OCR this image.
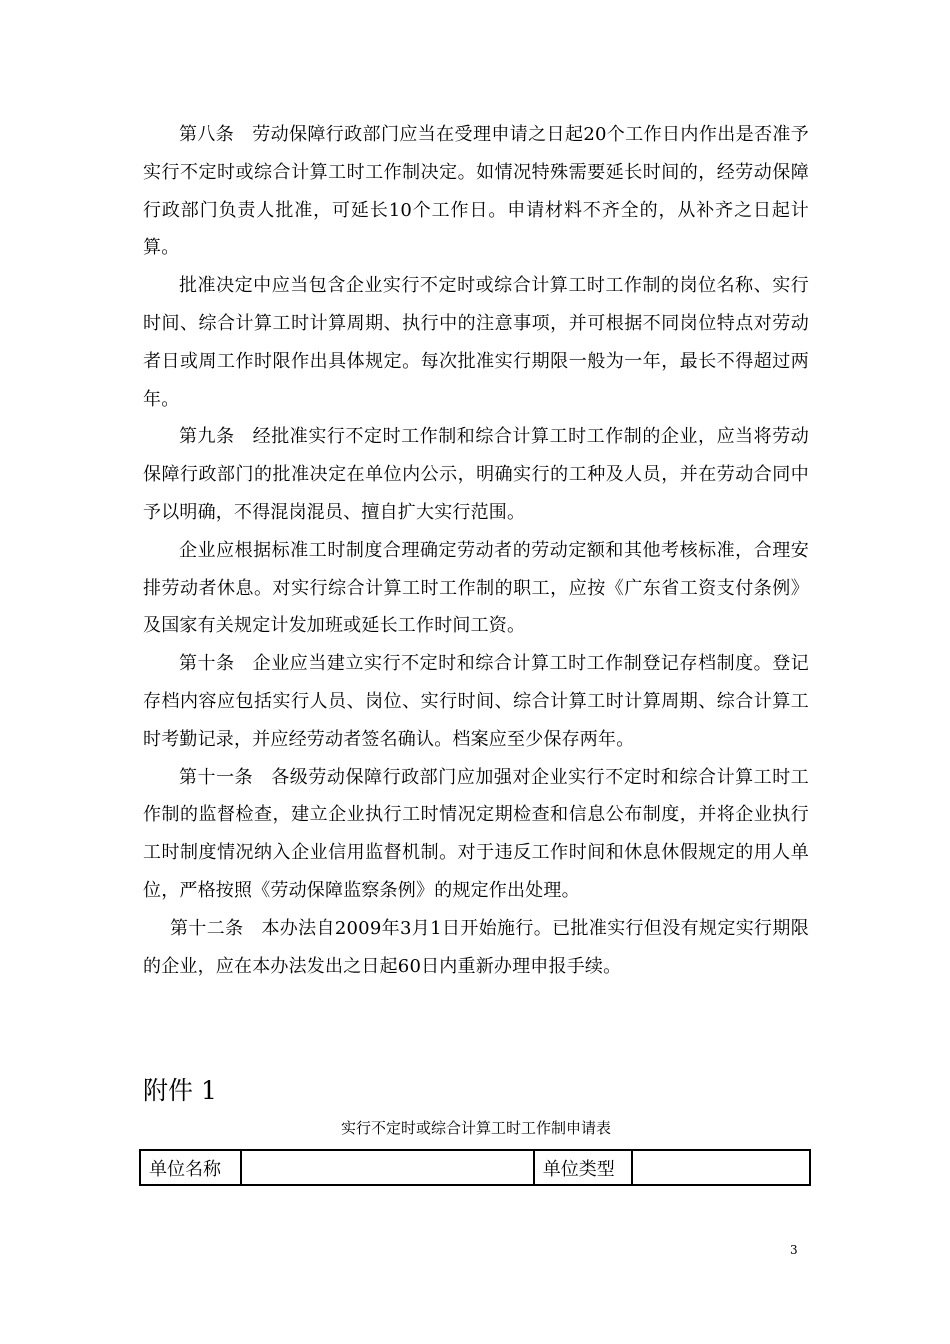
第八条 劳动保障行政部门应当在受理申请之日起20个工作日内作出是否准予实行不定时或综合计算工时工作制决定。如情况特殊需要延长时间的，经劳动保障行政部门负责人批准，可延长10个工作日。申请材料不齐全的，从补齐之日起计算。

批准决定中应当包含企业实行不定时或综合计算工时工作制的岗位名称、实行时间、综合计算工时计算周期、执行中的注意事项，并可根据不同岗位特点对劳动者日或周工作时限作出具体规定。每次批准实行期限一般为一年，最长不得超过两年。

第九条 经批准实行不定时工作制和综合计算工时工作制的企业，应当将劳动保障行政部门的批准决定在单位内公示，明确实行的工种及人员，并在劳动合同中予以明确，不得混岗混员、擅自扩大实行范围。

企业应根据标准工时制度合理确定劳动者的劳动定额和其他考核标准，合理安排劳动者休息。对实行综合计算工时工作制的职工，应按《广东省工资支付条例》及国家有关规定计发加班或延长工作时间工资。

第十条 企业应当建立实行不定时和综合计算工时工作制登记存档制度。登记存档内容应包括实行人员、岗位、实行时间、综合计算工时计算周期、综合计算工时考勤记录，并应经劳动者签名确认。档案应至少保存两年。

第十一条 各级劳动保障行政部门应加强对企业实行不定时和综合计算工时工作制的监督检查，建立企业执行工时情况定期检查和信息公布制度，并将企业执行工时制度情况纳入企业信用监督机制。对于违反工作时间和休息休假规定的用人单位，严格按照《劳动保障监察条例》的规定作出处理。

第十二条 本办法自2009年3月1日开始施行。已批准实行但没有规定实行期限的企业，应在本办法发出之日起60日内重新办理申报手续。

附件 1
实行不定时或综合计算工时工作制申请表
单位名称		单位类型	
3
